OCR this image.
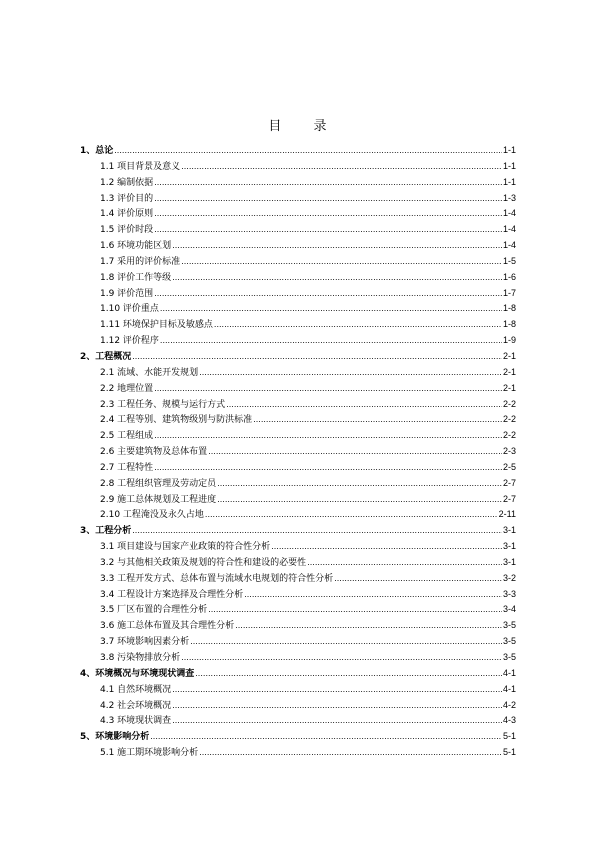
目 录
1、总论 .....	1-1
1.1 项目背景及意义 .....	1-1
1.2 编制依据 .....	1-1
1.3 评价目的 .....	1-3
1.4 评价原则 .....	1-4
1.5 评价时段 .....	1-4
1.6 环境功能区划 .....	1-4
1.7 采用的评价标准 .....	1-5
1.8 评价工作等级 .....	1-6
1.9 评价范围 .....	1-7
1.10 评价重点 .....	1-8
1.11 环境保护目标及敏感点 .....	1-8
1.12 评价程序 .....	1-9
2、工程概况 .....	2-1
2.1 流域、水能开发规划 .....	2-1
2.2 地理位置 .....	2-1
2.3 工程任务、规模与运行方式 .....	2-2
2.4 工程等别、建筑物级别与防洪标准 .....	2-2
2.5 工程组成 .....	2-2
2.6 主要建筑物及总体布置 .....	2-3
2.7 工程特性 .....	2-5
2.8 工程组织管理及劳动定员 .....	2-7
2.9 施工总体规划及工程进度 .....	2-7
2.10 工程淹没及永久占地 .....	2-11
3、工程分析 .....	3-1
3.1 项目建设与国家产业政策的符合性分析 .....	3-1
3.2 与其他相关政策及规划的符合性和建设的必要性 .....	3-1
3.3 工程开发方式、总体布置与流域水电规划的符合性分析 .....	3-2
3.4 工程设计方案选择及合理性分析 .....	3-3
3.5 厂区布置的合理性分析 .....	3-4
3.6 施工总体布置及其合理性分析 .....	3-5
3.7 环境影响因素分析 .....	3-5
3.8 污染物排放分析 .....	3-5
4、环境概况与环境现状调查 .....	4-1
4.1 自然环境概况 .....	4-1
4.2 社会环境概况 .....	4-2
4.3 环境现状调查 .....	4-3
5、环境影响分析 .....	5-1
5.1 施工期环境影响分析 .....	5-1
